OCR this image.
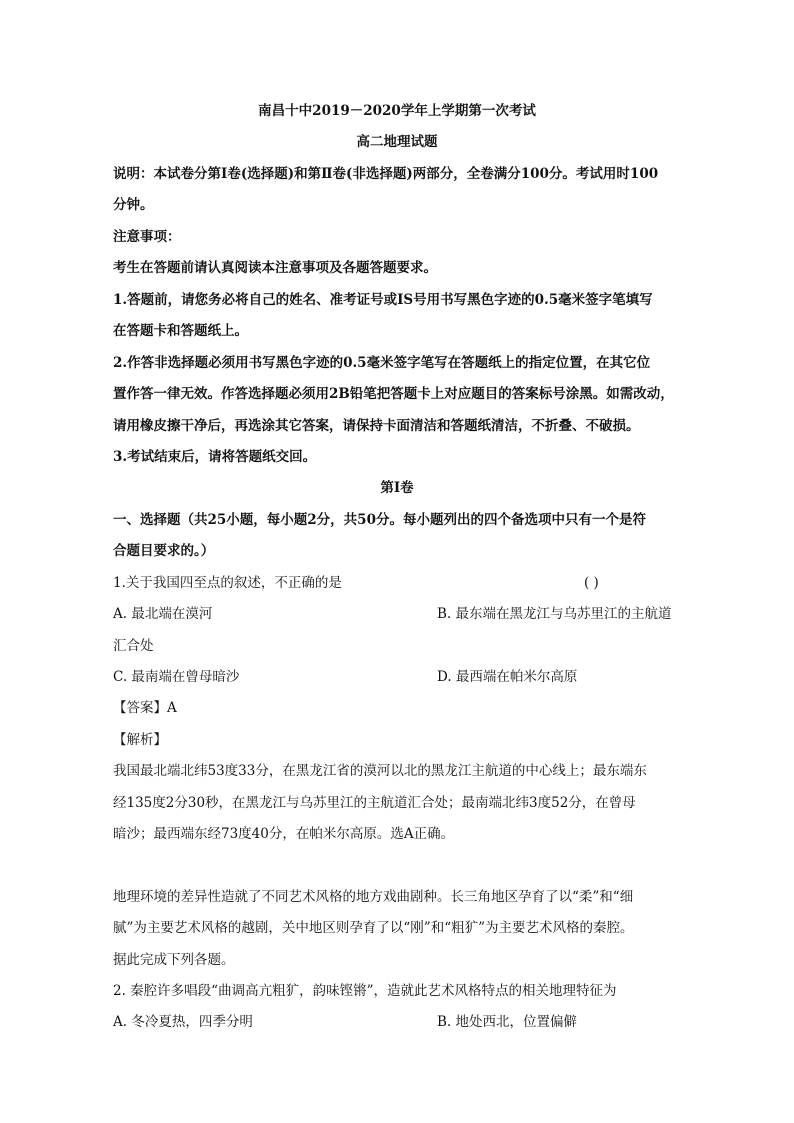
南昌十中2019－2020学年上学期第一次考试
高二地理试题
说明：本试卷分第Ⅰ卷(选择题)和第Ⅱ卷(非选择题)两部分，全卷满分100分。考试用时100
分钟。
注意事项：
考生在答题前请认真阅读本注意事项及各题答题要求。
1.答题前，请您务必将自己的姓名、准考证号或IS号用书写黑色字迹的0.5毫米签字笔填写
在答题卡和答题纸上。
2.作答非选择题必须用书写黑色字迹的0.5毫米签字笔写在答题纸上的指定位置，在其它位
置作答一律无效。作答选择题必须用2B铅笔把答题卡上对应题目的答案标号涂黑。如需改动，
请用橡皮擦干净后，再选涂其它答案，请保持卡面清洁和答题纸清洁，不折叠、不破损。
3.考试结束后，请将答题纸交回。
第Ⅰ卷
一、选择题（共25小题，每小题2分，共50分。每小题列出的四个备选项中只有一个是符
合题目要求的。）
1.关于我国四至点的叙述，不正确的是	( )
A. 最北端在漠河	B. 最东端在黑龙江与乌苏里江的主航道
汇合处
C. 最南端在曾母暗沙	D. 最西端在帕米尔高原
【答案】A
【解析】
我国最北端北纬53度33分，在黑龙江省的漠河以北的黑龙江主航道的中心线上；最东端东
经135度2分30秒，在黑龙江与乌苏里江的主航道汇合处；最南端北纬3度52分，在曾母
暗沙；最西端东经73度40分，在帕米尔高原。选A正确。
地理环境的差异性造就了不同艺术风格的地方戏曲剧种。长三角地区孕育了以“柔”和“细
腻”为主要艺术风格的越剧，关中地区则孕育了以“刚”和“粗犷”为主要艺术风格的秦腔。
据此完成下列各题。
2. 秦腔许多唱段“曲调高亢粗犷，韵味铿锵”，造就此艺术风格特点的相关地理特征为
A. 冬冷夏热，四季分明	B. 地处西北，位置偏僻
